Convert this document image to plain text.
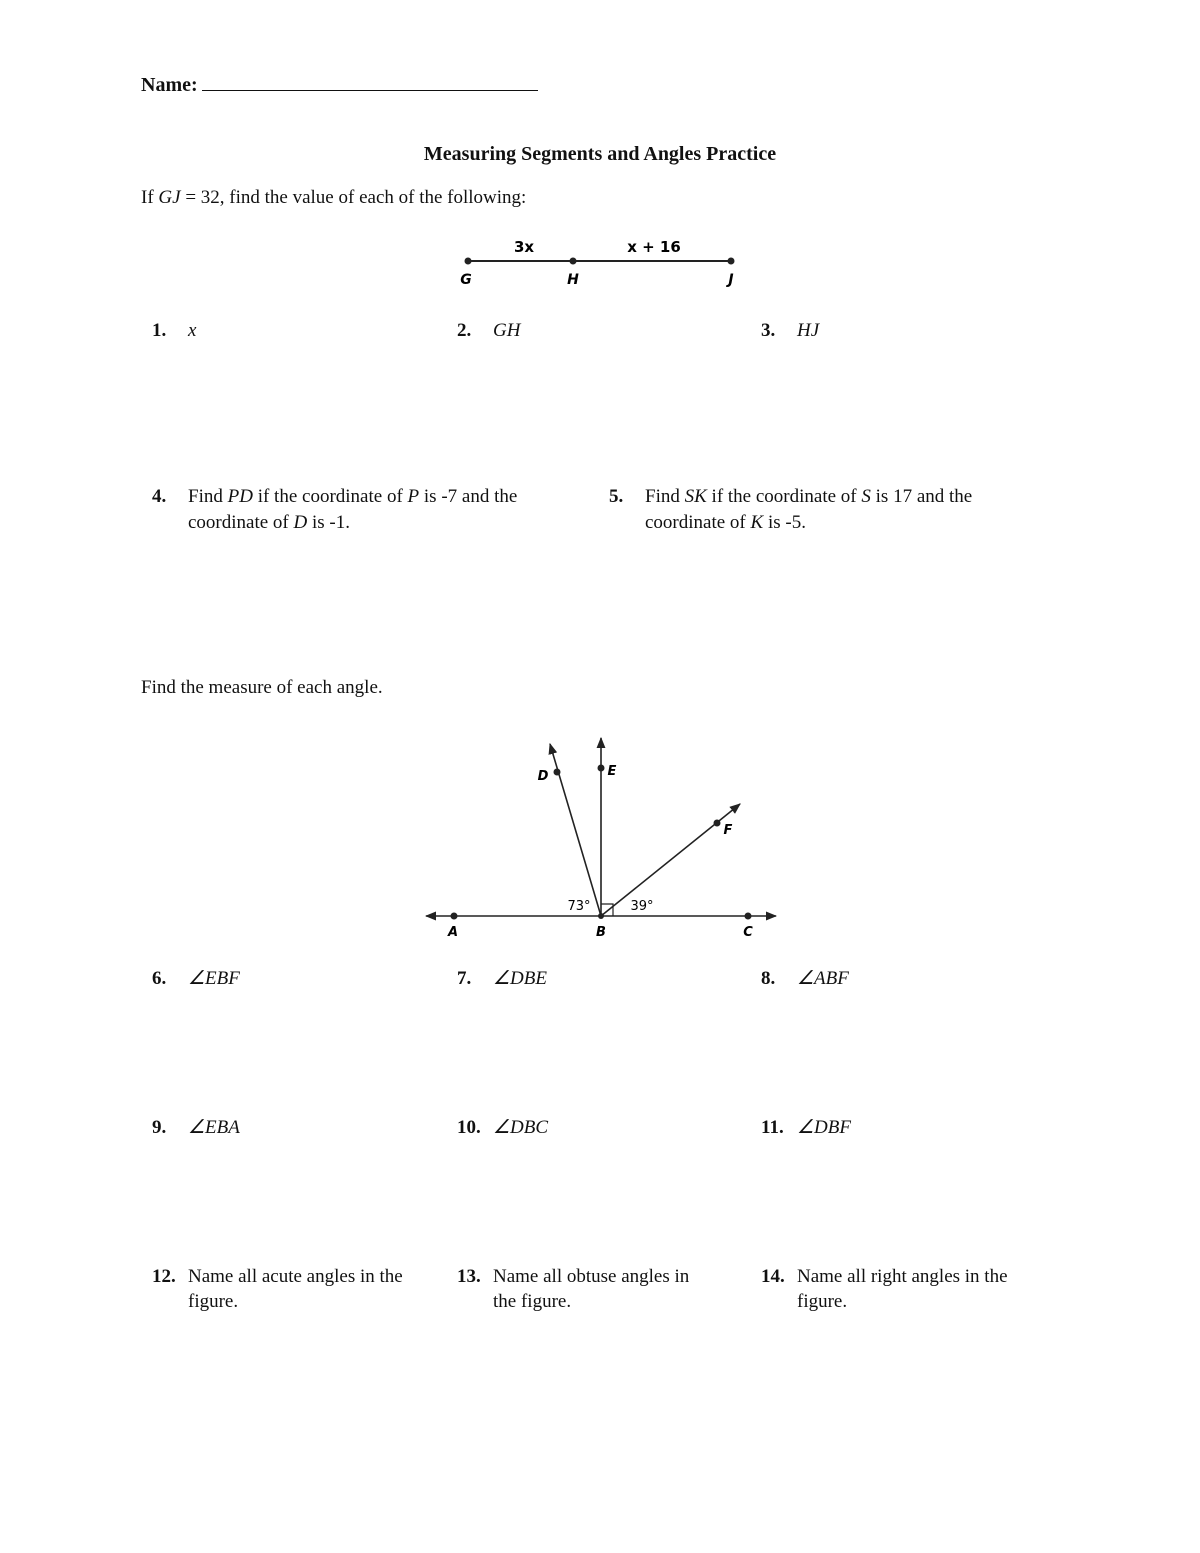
Name:
Measuring Segments and Angles Practice
If GJ = 32, find the value of each of the following:
3x	x + 16
G	H	J
1. x	2. GH	3. HJ
4. Find PD if the coordinate of P is -7 and the
coordinate of D is -1.
5. Find SK if the coordinate of S is 17 and the
coordinate of K is -5.
Find the measure of each angle.
A	B	C
D	E
F
73°	39°
6. ∠EBF	7. ∠DBE	8. ∠ABF
9. ∠EBA	10. ∠DBC	11. ∠DBF
12. Name all acute angles in the
figure.
13. Name all obtuse angles in
the figure.
14. Name all right angles in the
figure.
